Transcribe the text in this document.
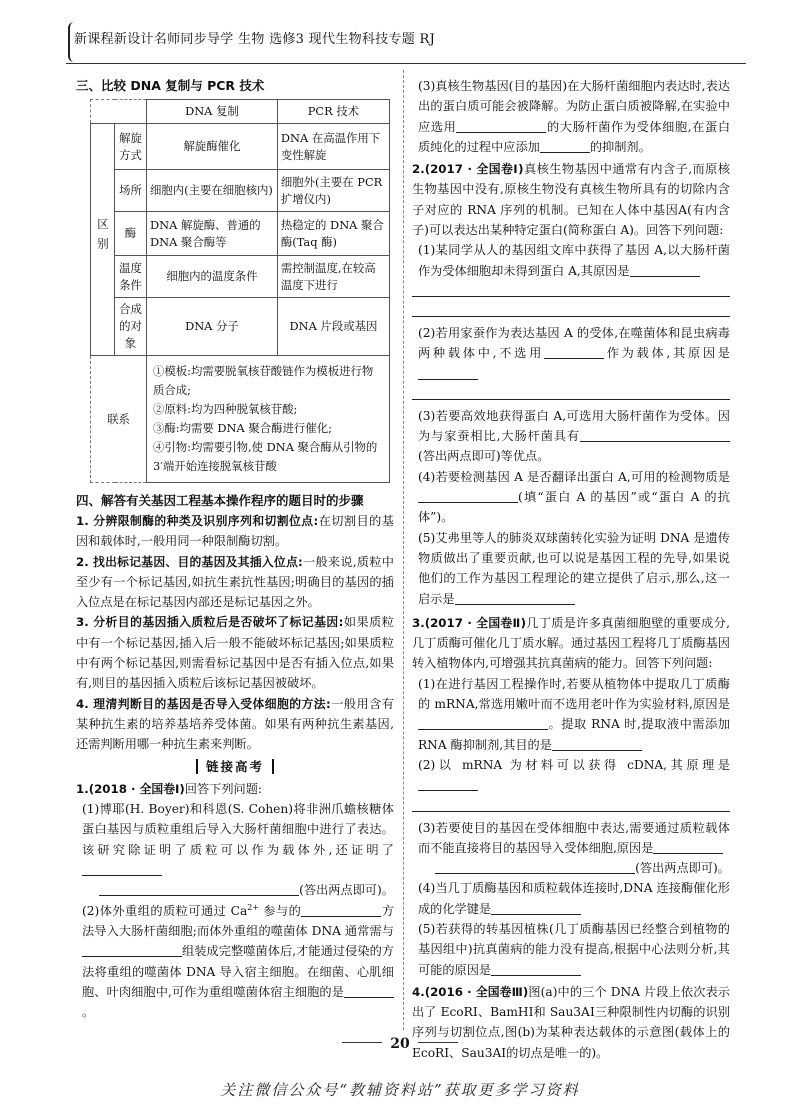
新课程新设计名师同步导学 生物 选修3 现代生物科技专题 RJ
三、比较 DNA 复制与 PCR 技术
		DNA 复制	PCR 技术
区别	解旋方式	解旋酶催化	DNA 在高温作用下变性解旋
	场所	细胞内(主要在细胞核内)	细胞外(主要在 PCR 扩增仪内)
	酶	DNA 解旋酶、普通的 DNA 聚合酶等	热稳定的 DNA 聚合酶(Taq 酶)
	温度条件	细胞内的温度条件	需控制温度,在较高温度下进行
	合成的对象	DNA 分子	DNA 片段或基因
联系		①模板:均需要脱氧核苷酸链作为模板进行物质合成;
②原料:均为四种脱氧核苷酸;
③酶:均需要 DNA 聚合酶进行催化;
④引物:均需要引物,使 DNA 聚合酶从引物的 3′端开始连接脱氧核苷酸	
四、解答有关基因工程基本操作程序的题目时的步骤
1. 分辨限制酶的种类及识别序列和切割位点:在切割目的基因和载体时,一般用同一种限制酶切割。
2. 找出标记基因、目的基因及其插入位点:一般来说,质粒中至少有一个标记基因,如抗生素抗性基因;明确目的基因的插入位点是在标记基因内部还是标记基因之外。
3. 分析目的基因插入质粒后是否破坏了标记基因:如果质粒中有一个标记基因,插入后一般不能破坏标记基因;如果质粒中有两个标记基因,则需看标记基因中是否有插入位点,如果有,则目的基因插入质粒后该标记基因被破坏。
4. 理清判断目的基因是否导入受体细胞的方法:一般用含有某种抗生素的培养基培养受体菌。如果有两种抗生素基因,还需判断用哪一种抗生素来判断。
链接高考
1.(2018 · 全国卷Ⅰ)回答下列问题:
(1)博耶(H. Boyer)和科恩(S. Cohen)将非洲爪蟾核糖体蛋白基因与质粒重组后导入大肠杆菌细胞中进行了表达。该研究除证明了质粒可以作为载体外,还证明了
(答出两点即可)。
(2)体外重组的质粒可通过 $Ca^{2+}$ 参与的	方法导入大肠杆菌细胞;而体外重组的噬菌体 DNA 通常需与组装成完整噬菌体后,才能通过侵染的方法将重组的噬菌体 DNA 导入宿主细胞。在细菌、心肌细胞、叶肉细胞中,可作为重组噬菌体宿主细胞的是。
(3)真核生物基因(目的基因)在大肠杆菌细胞内表达时,表达出的蛋白质可能会被降解。为防止蛋白质被降解,在实验中应选用	的大肠杆菌作为受体细胞,在蛋白质纯化的过程中应添加	的抑制剂。
2.(2017 · 全国卷Ⅰ)真核生物基因中通常有内含子,而原核生物基因中没有,原核生物没有真核生物所具有的切除内含子对应的 RNA 序列的机制。已知在人体中基因A(有内含子)可以表达出某种特定蛋白(简称蛋白 A)。回答下列问题:
(1)某同学从人的基因组文库中获得了基因 A,以大肠杆菌作为受体细胞却未得到蛋白 A,其原因是
(2)若用家蚕作为表达基因 A 的受体,在噬菌体和昆虫病毒两种载体中,不选用	作为载体,其原因是
(3)若要高效地获得蛋白 A,可选用大肠杆菌作为受体。因为与家蚕相比,大肠杆菌具有(答出两点即可)等优点。
(4)若要检测基因 A 是否翻译出蛋白 A,可用的检测物质是(填“蛋白 A 的基因”或“蛋白 A 的抗体”)。
(5)艾弗里等人的肺炎双球菌转化实验为证明 DNA 是遗传物质做出了重要贡献,也可以说是基因工程的先导,如果说他们的工作为基因工程理论的建立提供了启示,那么,这一启示是
3.(2017 · 全国卷Ⅱ)几丁质是许多真菌细胞壁的重要成分,几丁质酶可催化几丁质水解。通过基因工程将几丁质酶基因转入植物体内,可增强其抗真菌病的能力。回答下列问题:
(1)在进行基因工程操作时,若要从植物体中提取几丁质酶的 mRNA,常选用嫩叶而不选用老叶作为实验材料,原因是。提取 RNA 时,提取液中需添加 RNA 酶抑制剂,其目的是
(2)以 mRNA 为材料可以获得 cDNA,其原理是
(3)若要使目的基因在受体细胞中表达,需要通过质粒载体而不能直接将目的基因导入受体细胞,原因是
(答出两点即可)。
(4)当几丁质酶基因和质粒载体连接时,DNA 连接酶催化形成的化学键是
(5)若获得的转基因植株(几丁质酶基因已经整合到植物的基因组中)抗真菌病的能力没有提高,根据中心法则分析,其可能的原因是
4.(2016 · 全国卷Ⅲ)图(a)中的三个 DNA 片段上依次表示出了 EcoRⅠ、BamHⅠ和 Sau3AⅠ三种限制性内切酶的识别序列与切割位点,图(b)为某种表达载体的示意图(载体上的 EcoRⅠ、Sau3AⅠ的切点是唯一的)。
20
关注微信公众号“教辅资料站”获取更多学习资料
